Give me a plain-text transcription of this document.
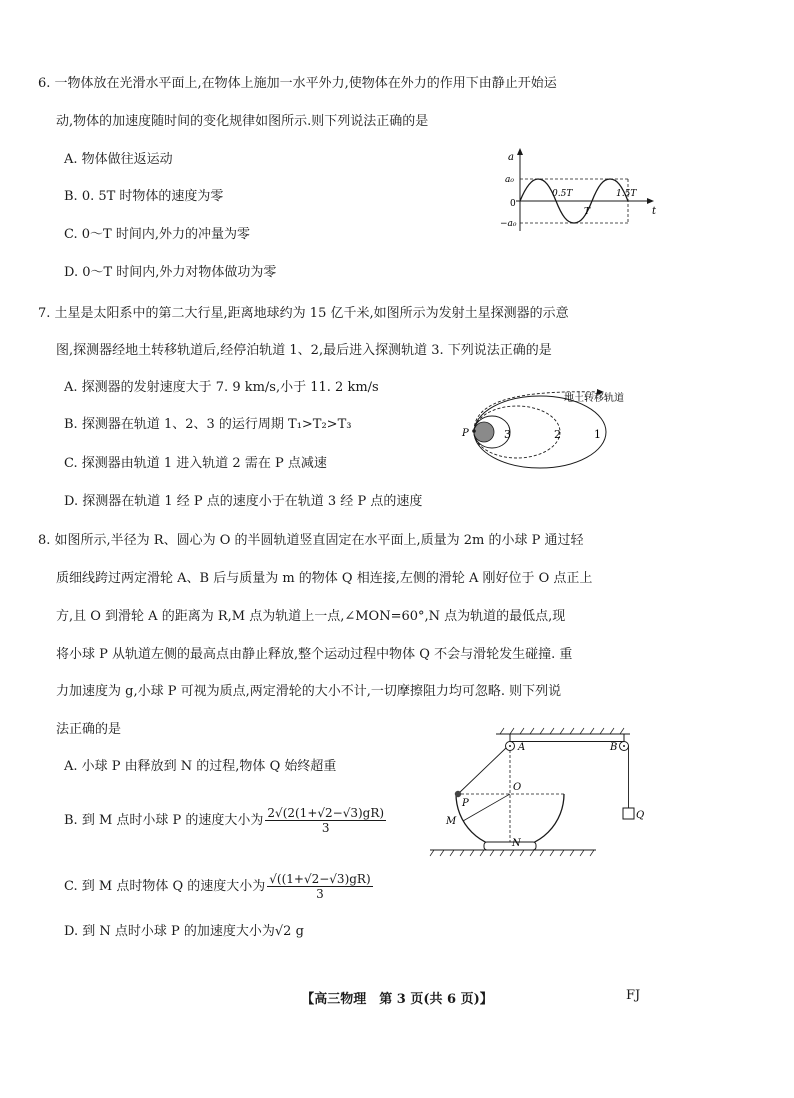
6. 一物体放在光滑水平面上,在物体上施加一水平外力,使物体在外力的作用下由静止开始运
动,物体的加速度随时间的变化规律如图所示.则下列说法正确的是
A. 物体做往返运动
B. 0. 5T 时物体的速度为零
C. 0～T 时间内,外力的冲量为零
D. 0～T 时间内,外力对物体做功为零
a
t
a₀
0
−a₀
0.5T
T
1.5T
7. 土星是太阳系中的第二大行星,距离地球约为 15 亿千米,如图所示为发射土星探测器的示意
图,探测器经地土转移轨道后,经停泊轨道 1、2,最后进入探测轨道 3. 下列说法正确的是
A. 探测器的发射速度大于 7. 9 km/s,小于 11. 2 km/s
B. 探测器在轨道 1、2、3 的运行周期 T₁>T₂>T₃
C. 探测器由轨道 1 进入轨道 2 需在 P 点减速
D. 探测器在轨道 1 经 P 点的速度小于在轨道 3 经 P 点的速度
地土转移轨道
P	3	2	1
8. 如图所示,半径为 R、圆心为 O 的半圆轨道竖直固定在水平面上,质量为 2m 的小球 P 通过轻
质细线跨过两定滑轮 A、B 后与质量为 m 的物体 Q 相连接,左侧的滑轮 A 刚好位于 O 点正上
方,且 O 到滑轮 A 的距离为 R,M 点为轨道上一点,∠MON=60°,N 点为轨道的最低点,现
将小球 P 从轨道左侧的最高点由静止释放,整个运动过程中物体 Q 不会与滑轮发生碰撞. 重
力加速度为 g,小球 P 可视为质点,两定滑轮的大小不计,一切摩擦阻力均可忽略. 则下列说
法正确的是
A. 小球 P 由释放到 N 的过程,物体 Q 始终超重
B. 到 M 点时小球 P 的速度大小为 $\frac{2√(2(1+√2-√3)gR)}{3}$
C. 到 M 点时物体 Q 的速度大小为 $\frac{√((1+√2-√3)gR)}{3}$
D. 到 N 点时小球 P 的加速度大小为√2 g
A	B
O
P
M
N
Q
【高三物理　第 3 页(共 6 页)】	FJ
